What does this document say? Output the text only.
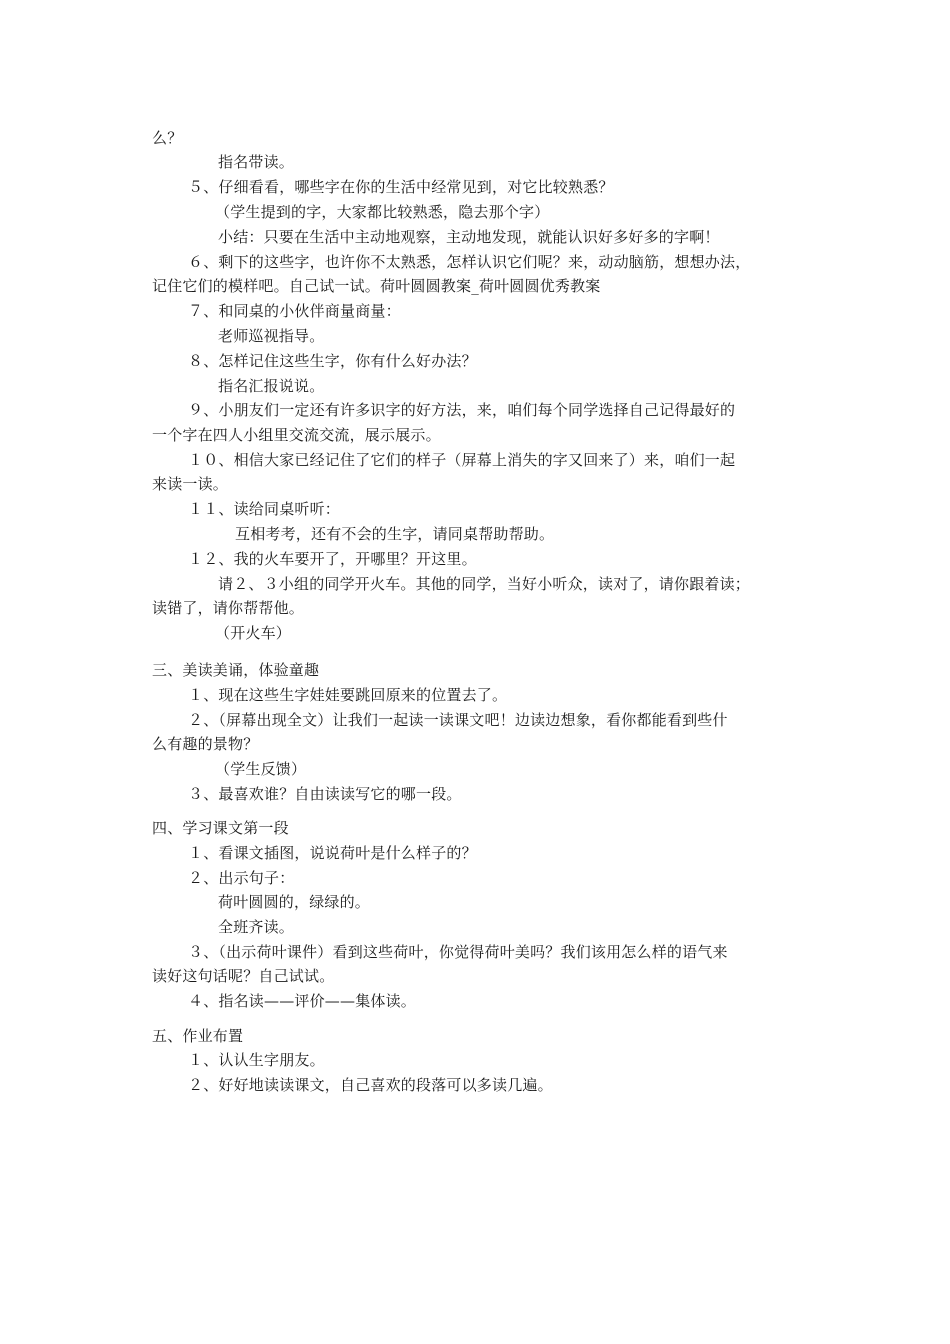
么？
指名带读。
５、仔细看看，哪些字在你的生活中经常见到，对它比较熟悉？
（学生提到的字，大家都比较熟悉，隐去那个字）
小结：只要在生活中主动地观察，主动地发现，就能认识好多好多的字啊！
６、剩下的这些字，也许你不太熟悉，怎样认识它们呢？来，动动脑筋，想想办法，
记住它们的模样吧。自己试一试。荷叶圆圆教案_荷叶圆圆优秀教案
７、和同桌的小伙伴商量商量：
老师巡视指导。
８、怎样记住这些生字，你有什么好办法？
指名汇报说说。
９、小朋友们一定还有许多识字的好方法，来，咱们每个同学选择自己记得最好的
一个字在四人小组里交流交流，展示展示。
１０、相信大家已经记住了它们的样子（屏幕上消失的字又回来了）来，咱们一起
来读一读。
１１、读给同桌听听：
互相考考，还有不会的生字，请同桌帮助帮助。
１２、我的火车要开了，开哪里？开这里。
请２、３小组的同学开火车。其他的同学，当好小听众，读对了，请你跟着读；
读错了，请你帮帮他。
（开火车）
三、美读美诵，体验童趣
１、现在这些生字娃娃要跳回原来的位置去了。
２、（屏幕出现全文）让我们一起读一读课文吧！边读边想象，看你都能看到些什
么有趣的景物？
（学生反馈）
３、最喜欢谁？自由读读写它的哪一段。
四、学习课文第一段
１、看课文插图，说说荷叶是什么样子的？
２、出示句子：
荷叶圆圆的，绿绿的。
全班齐读。
３、（出示荷叶课件）看到这些荷叶，你觉得荷叶美吗？我们该用怎么样的语气来
读好这句话呢？自己试试。
４、指名读——评价——集体读。
五、作业布置
１、认认生字朋友。
２、好好地读读课文，自己喜欢的段落可以多读几遍。
